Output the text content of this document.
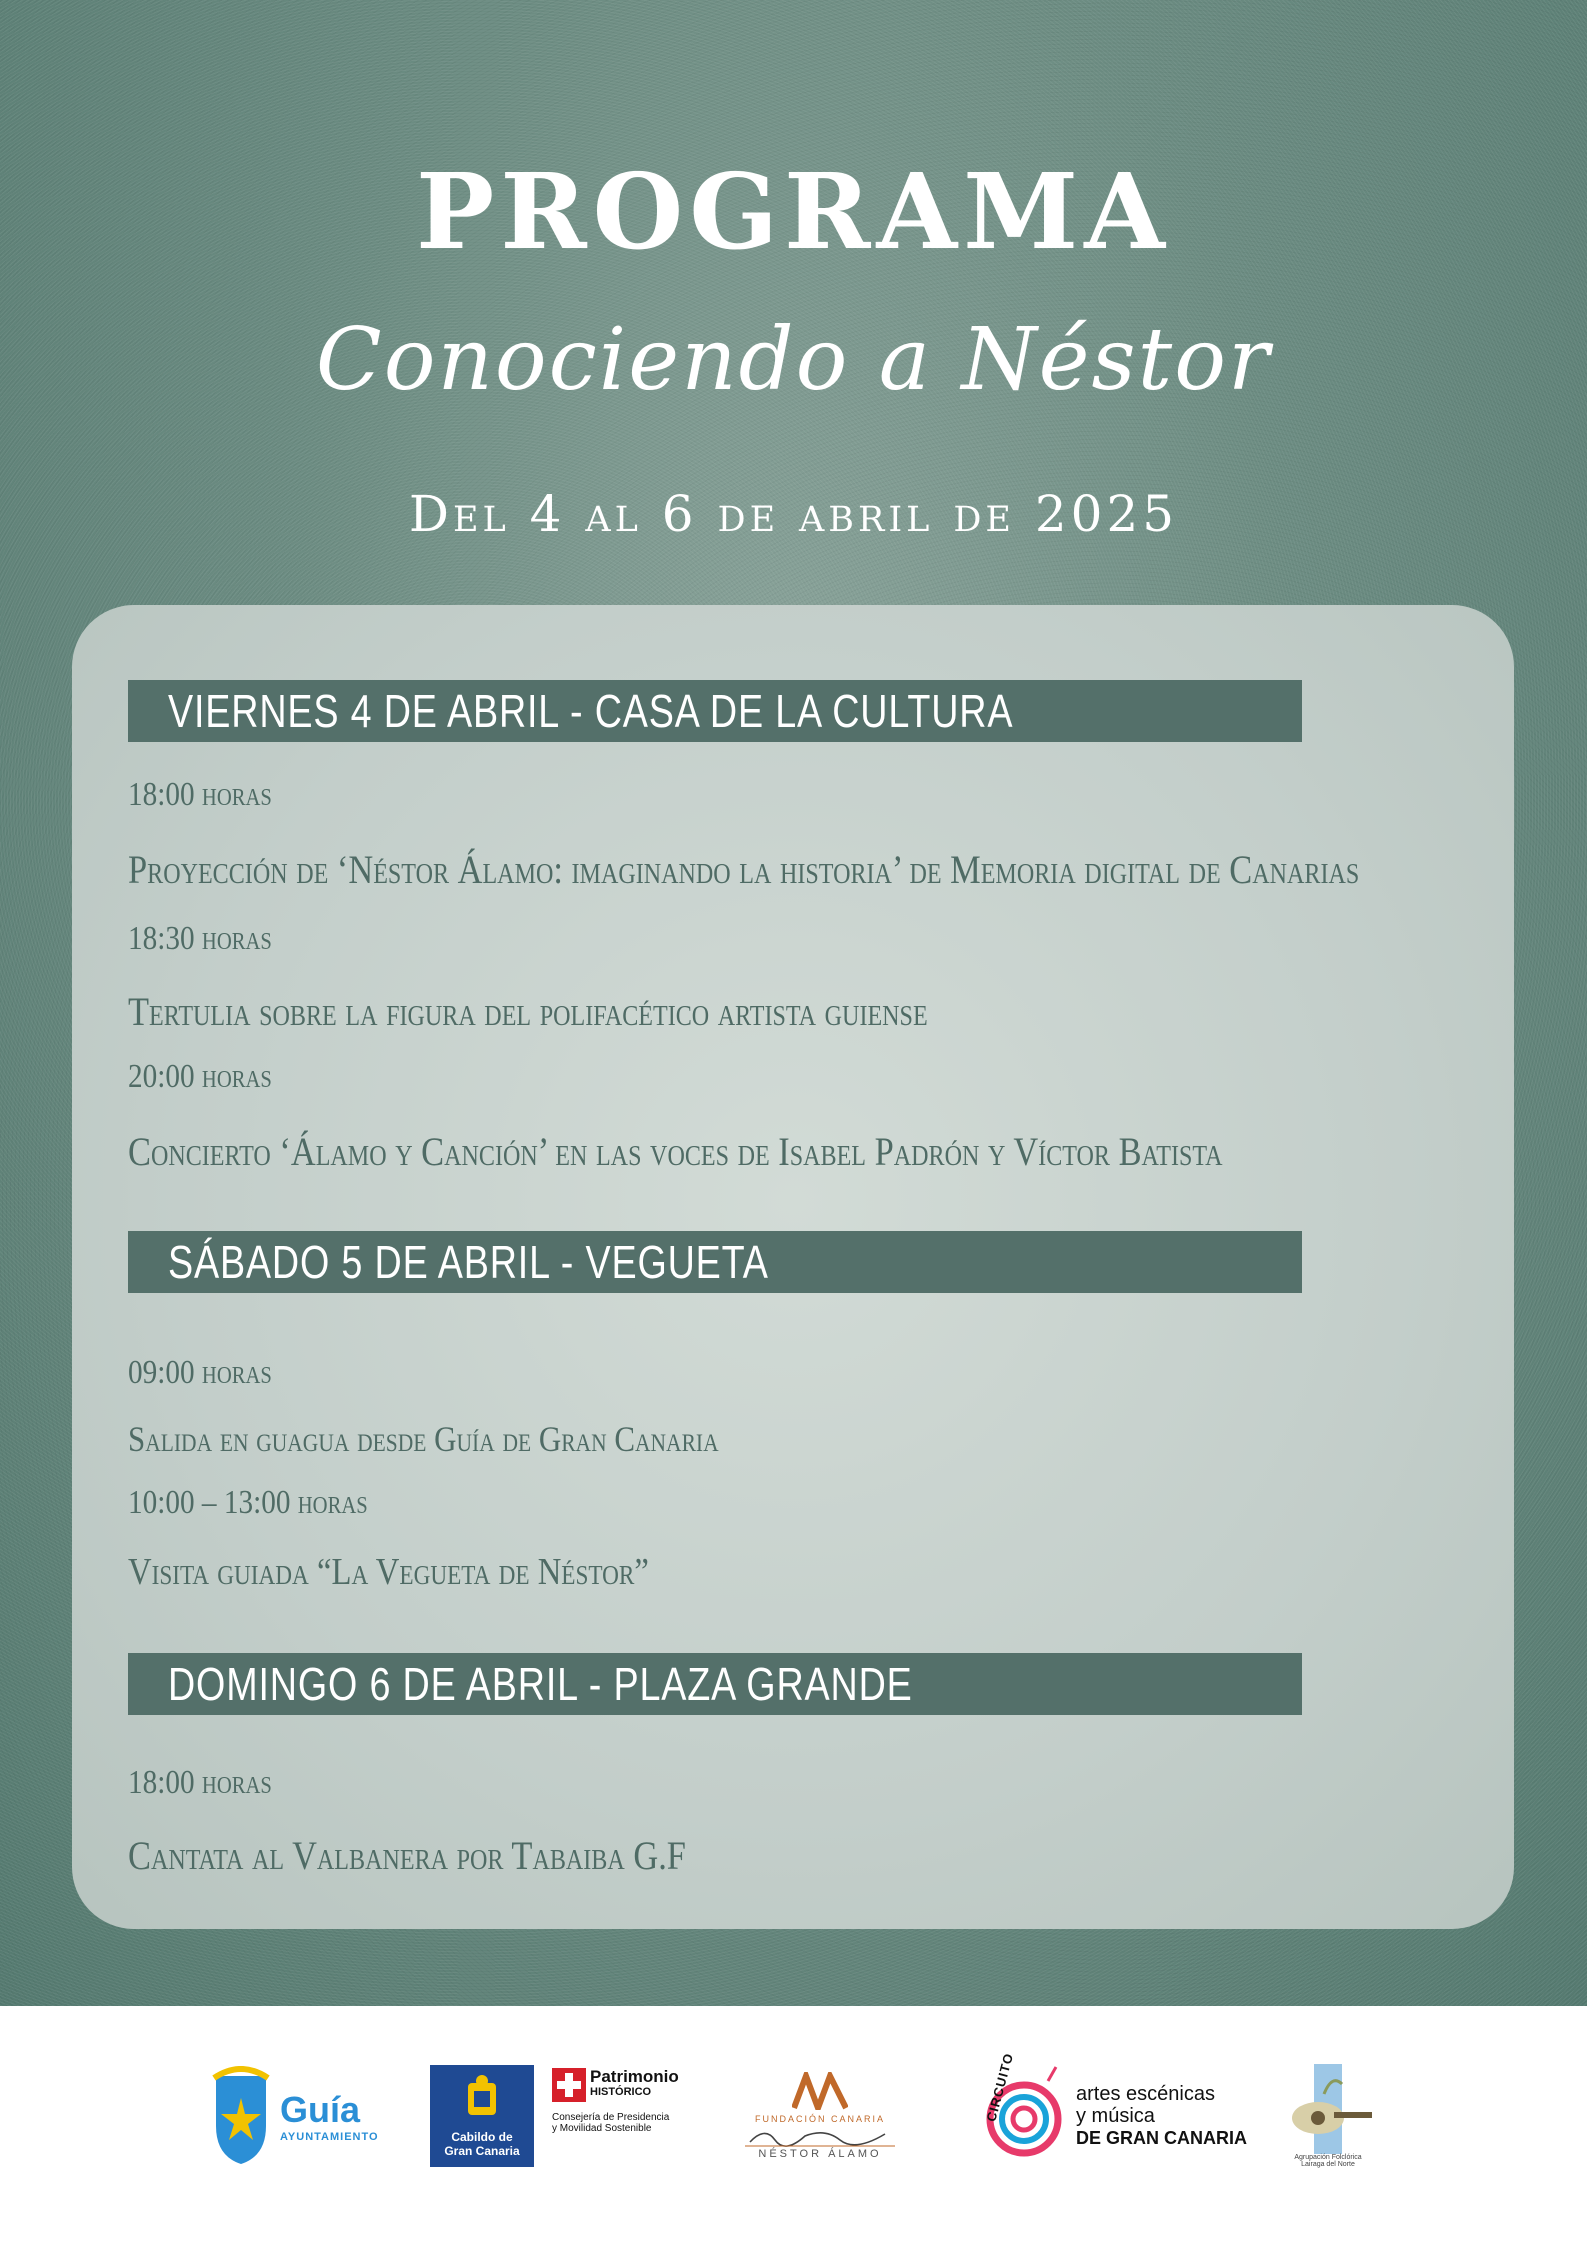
PROGRAMA
Conociendo a Néstor
Del 4 al 6 de abril de 2025
VIERNES 4 DE ABRIL - CASA DE LA CULTURA
18:00 horas
Proyección de ‘Néstor Álamo: imaginando la historia’ de Memoria digital de Canarias
18:30 horas
Tertulia sobre la figura del polifacético artista guiense
20:00 horas
Concierto ‘Álamo y Canción’ en las voces de Isabel Padrón y Víctor Batista
SÁBADO 5 DE ABRIL - VEGUETA
09:00 horas
Salida en guagua desde Guía de Gran Canaria
10:00 – 13:00 horas
Visita guiada “La Vegueta de Néstor”
DOMINGO 6 DE ABRIL - PLAZA GRANDE
18:00 horas
Cantata al Valbanera por Tabaiba G.F
Guía
AYUNTAMIENTO	Cabildo de
Gran Canaria
Patrimonio
HISTÓRICO
Consejería de Presidencia
y Movilidad Sostenible
FUNDACIÓN CANARIA
NÉSTOR ÁLAMO
CIRCUITO	artes escénicas
y música
DE GRAN CANARIA
Agrupación Folclórica
Lairaga del Norte
